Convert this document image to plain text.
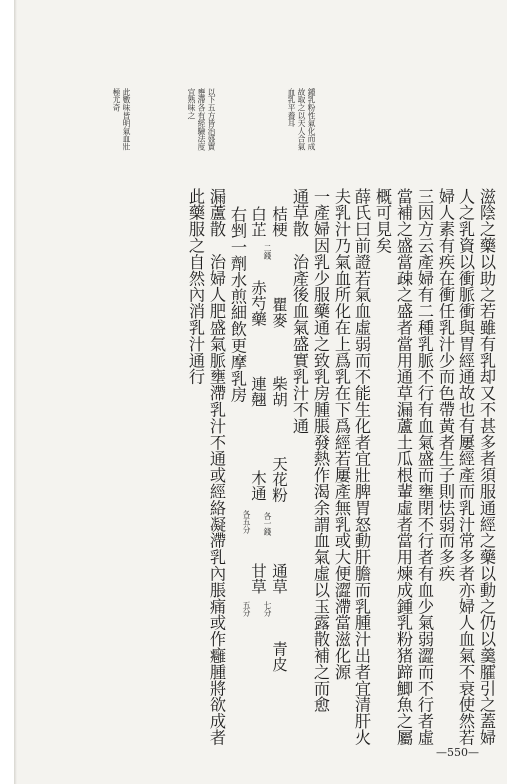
滋陰之藥以助之若雖有乳却又不甚多者須服通經之藥以動之仍以羹臛引之蓋婦
人之乳資以衝脈衝與胃經通故也有屢經產而乳汁常多者亦婦人血氣不衰使然若
婦人素有疾在衝任乳汁少而色帶黃者生子則怯弱而多疾
三因方云產婦有二種乳脈不行有血氣盛而壅閉不行者有血少氣弱澀而不行者虛
當補之盛當疎之盛者當用通草漏蘆土瓜根輩虛者當用煉成鍾乳粉猪蹄鯽魚之屬
概可見矣
薛氏曰前證若氣血虛弱而不能生化者宜壯脾胃怒動肝膽而乳腫汁出者宜清肝火
夫乳汁乃氣血所化在上爲乳在下爲經若屢產無乳或大便澀滯當滋化源
一產婦因乳少服藥通之致乳房腫脹發熱作渴余謂血氣虛以玉露散補之而愈
通草散　治產後血氣盛實乳汁不通
桔梗
二錢
瞿麥
柴胡
天花粉
各一錢
通草
七分
青皮
白芷
赤芍藥
連翹
木通
各五分
甘草
五分
右剉一劑水煎細飲更摩乳房
漏蘆散　治婦人肥盛氣脈壅滯乳汁不通或經絡凝滯乳內脹痛或作癰腫將欲成者
此藥服之自然內消乳汁通行
鍾乳粉性氣化而成
故取之以天人合氣
血乳平養耳
以下五方皆治盛實
壅滯各有經驗法度
宜熟味之
此數味皆明氣血壯
極尤奇
—550—
